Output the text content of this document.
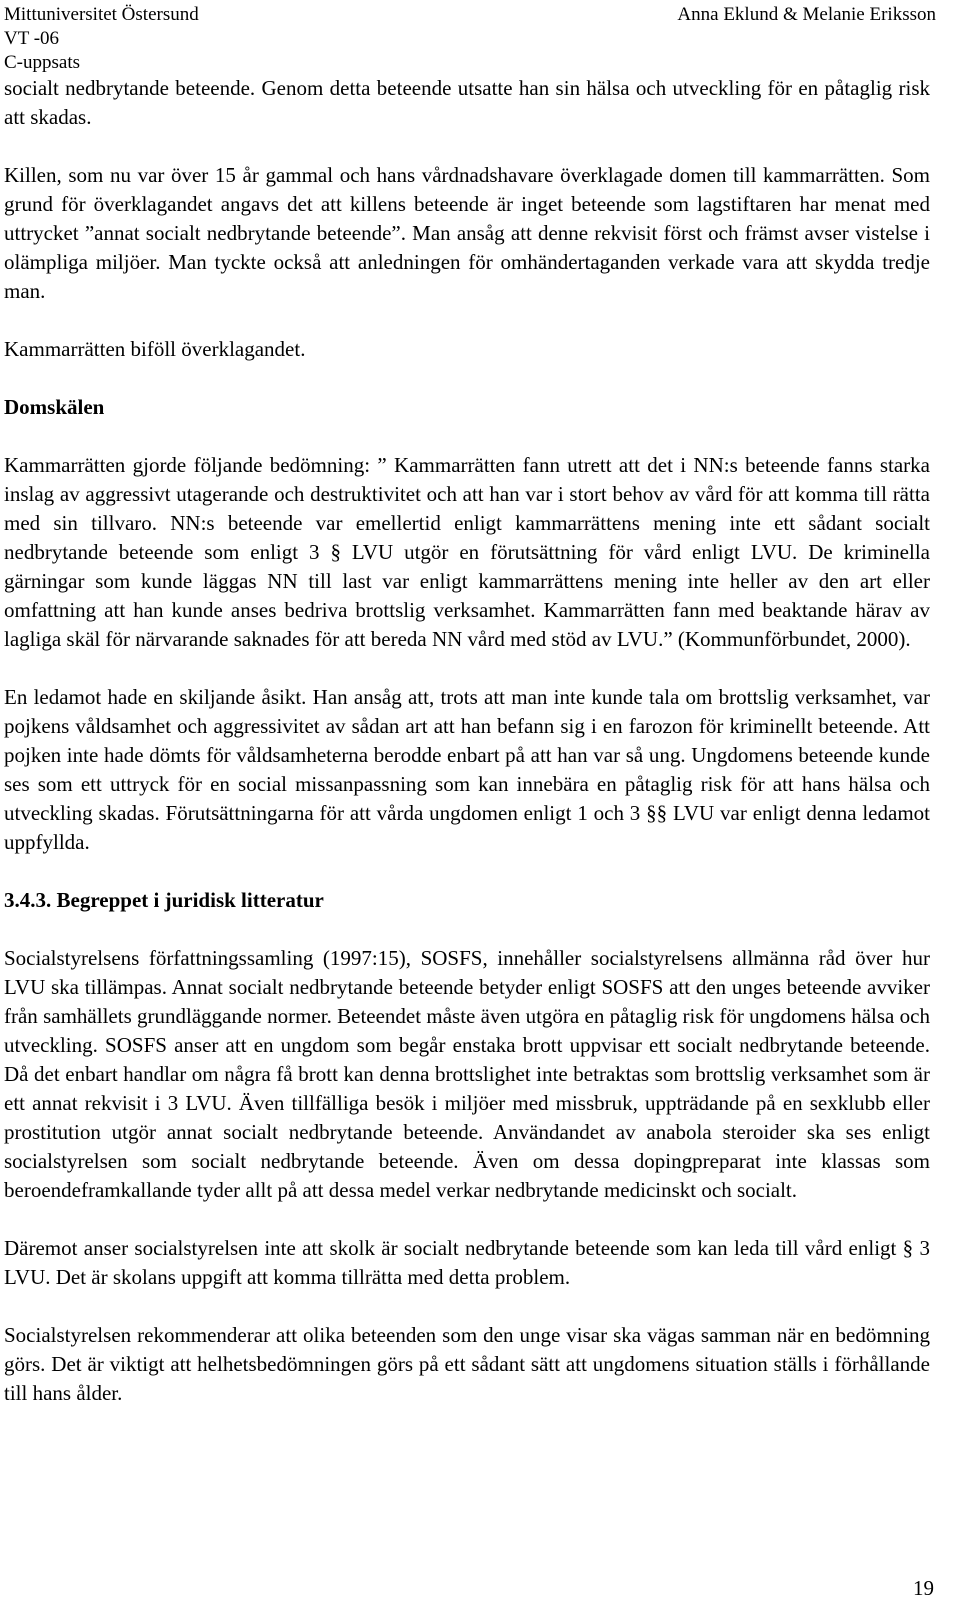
Mittuniversitet Östersund	Anna Eklund & Melanie Eriksson
VT -06
C-uppsats

socialt nedbrytande beteende. Genom detta beteende utsatte han sin hälsa och utveckling för en påtaglig risk att skadas.

Killen, som nu var över 15 år gammal och hans vårdnadshavare överklagade domen till kammarrätten. Som grund för överklagandet angavs det att killens beteende är inget beteende som lagstiftaren har menat med uttrycket ”annat socialt nedbrytande beteende”. Man ansåg att denne rekvisit först och främst avser vistelse i olämpliga miljöer. Man tyckte också att anledningen för omhändertaganden verkade vara att skydda tredje man.

Kammarrätten biföll överklagandet.

Domskälen

Kammarrätten gjorde följande bedömning: ” Kammarrätten fann utrett att det i NN:s beteende fanns starka inslag av aggressivt utagerande och destruktivitet och att han var i stort behov av vård för att komma till rätta med sin tillvaro. NN:s beteende var emellertid enligt kammarrättens mening inte ett sådant socialt nedbrytande beteende som enligt 3 § LVU utgör en förutsättning för vård enligt LVU. De kriminella gärningar som kunde läggas NN till last var enligt kammarrättens mening inte heller av den art eller omfattning att han kunde anses bedriva brottslig verksamhet. Kammarrätten fann med beaktande härav av lagliga skäl för närvarande saknades för att bereda NN vård med stöd av LVU.” (Kommunförbundet, 2000).

En ledamot hade en skiljande åsikt. Han ansåg att, trots att man inte kunde tala om brottslig verksamhet, var pojkens våldsamhet och aggressivitet av sådan art att han befann sig i en farozon för kriminellt beteende. Att pojken inte hade dömts för våldsamheterna berodde enbart på att han var så ung. Ungdomens beteende kunde ses som ett uttryck för en social missanpassning som kan innebära en påtaglig risk för att hans hälsa och utveckling skadas. Förutsättningarna för att vårda ungdomen enligt 1 och 3 §§ LVU var enligt denna ledamot uppfyllda.

3.4.3. Begreppet i juridisk litteratur

Socialstyrelsens författningssamling (1997:15), SOSFS, innehåller socialstyrelsens allmänna råd över hur LVU ska tillämpas. Annat socialt nedbrytande beteende betyder enligt SOSFS att den unges beteende avviker från samhällets grundläggande normer. Beteendet måste även utgöra en påtaglig risk för ungdomens hälsa och utveckling. SOSFS anser att en ungdom som begår enstaka brott uppvisar ett socialt nedbrytande beteende. Då det enbart handlar om några få brott kan denna brottslighet inte betraktas som brottslig verksamhet som är ett annat rekvisit i 3 LVU. Även tillfälliga besök i miljöer med missbruk, uppträdande på en sexklubb eller prostitution utgör annat socialt nedbrytande beteende. Användandet av anabola steroider ska ses enligt socialstyrelsen som socialt nedbrytande beteende. Även om dessa dopingpreparat inte klassas som beroendeframkallande tyder allt på att dessa medel verkar nedbrytande medicinskt och socialt.

Däremot anser socialstyrelsen inte att skolk är socialt nedbrytande beteende som kan leda till vård enligt § 3 LVU. Det är skolans uppgift att komma tillrätta med detta problem.

Socialstyrelsen rekommenderar att olika beteenden som den unge visar ska vägas samman när en bedömning görs. Det är viktigt att helhetsbedömningen görs på ett sådant sätt att ungdomens situation ställs i förhållande till hans ålder.

19
